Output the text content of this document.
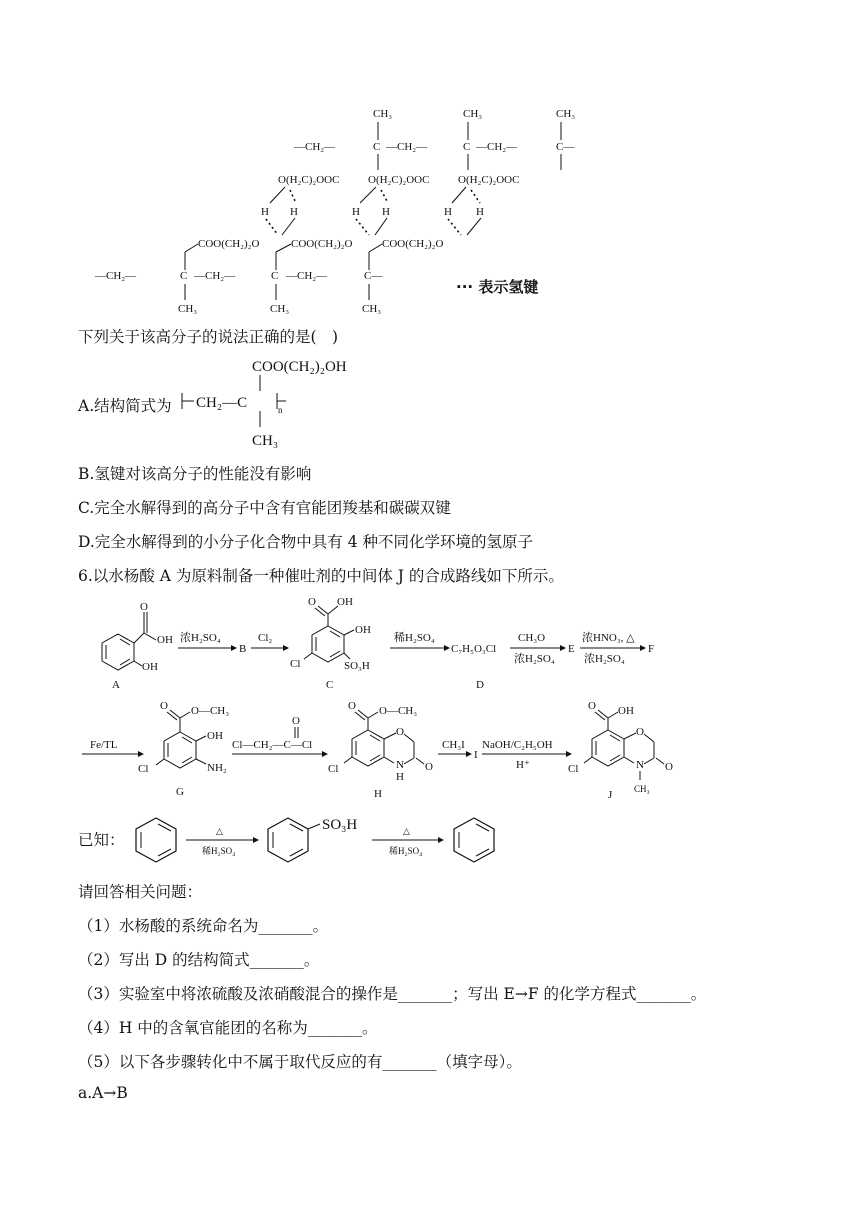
CH₃	CH₃	CH₃
—CH₂—	C —CH₂—	C —CH₂—	C—
O(H₂C)₂OOC	O(H₂C)₂OOC	O(H₂C)₂OOC
H H	H H	H H
COO(CH₂)₂O	COO(CH₂)₂O	COO(CH₂)₂O
—CH₂—	C —CH₂—	C —CH₂—	C—
CH₃	CH₃	CH₃
··· 表示氢键
下列关于该高分子的说法正确的是(　)
A.结构简式为
COO(CH₂)₂OH
CH₂—C	n
CH₃
B.氢键对该高分子的性能没有影响
C.完全水解得到的高分子中含有官能团羧基和碳碳双键
D.完全水解得到的小分子化合物中具有 4 种不同化学环境的氢原子
6.以水杨酸 A 为原料制备一种催吐剂的中间体 J 的合成路线如下所示。
O
OH
OH
A
浓H₂SO₄
B
Cl₂
O OH
OH
SO₃H
Cl
C
稀H₂SO₄
C₇H₅O₃Cl
D
CH₃O
浓H₂SO₄
E
浓HNO₃, △
浓H₂SO₄
F
Fe/TL
O O—CH₃
OH
NH₂
Cl
G
Cl—CH₂—C—Cl
O
O O—CH₃
O
O
N
H
Cl
H
CH₃I
I
NaOH/C₂H₅OH
H⁺
O OH
O
O
N
CH₃
Cl
J
已知：	△
稀H₂SO₄
SO₃H	△
稀H₂SO₄
请回答相关问题：
（1）水杨酸的系统命名为_______。
（2）写出 D 的结构简式_______。
（3）实验室中将浓硫酸及浓硝酸混合的操作是_______；写出 E→F 的化学方程式_______。
（4）H 中的含氧官能团的名称为_______。
（5）以下各步骤转化中不属于取代反应的有_______（填字母）。
a.A→B
